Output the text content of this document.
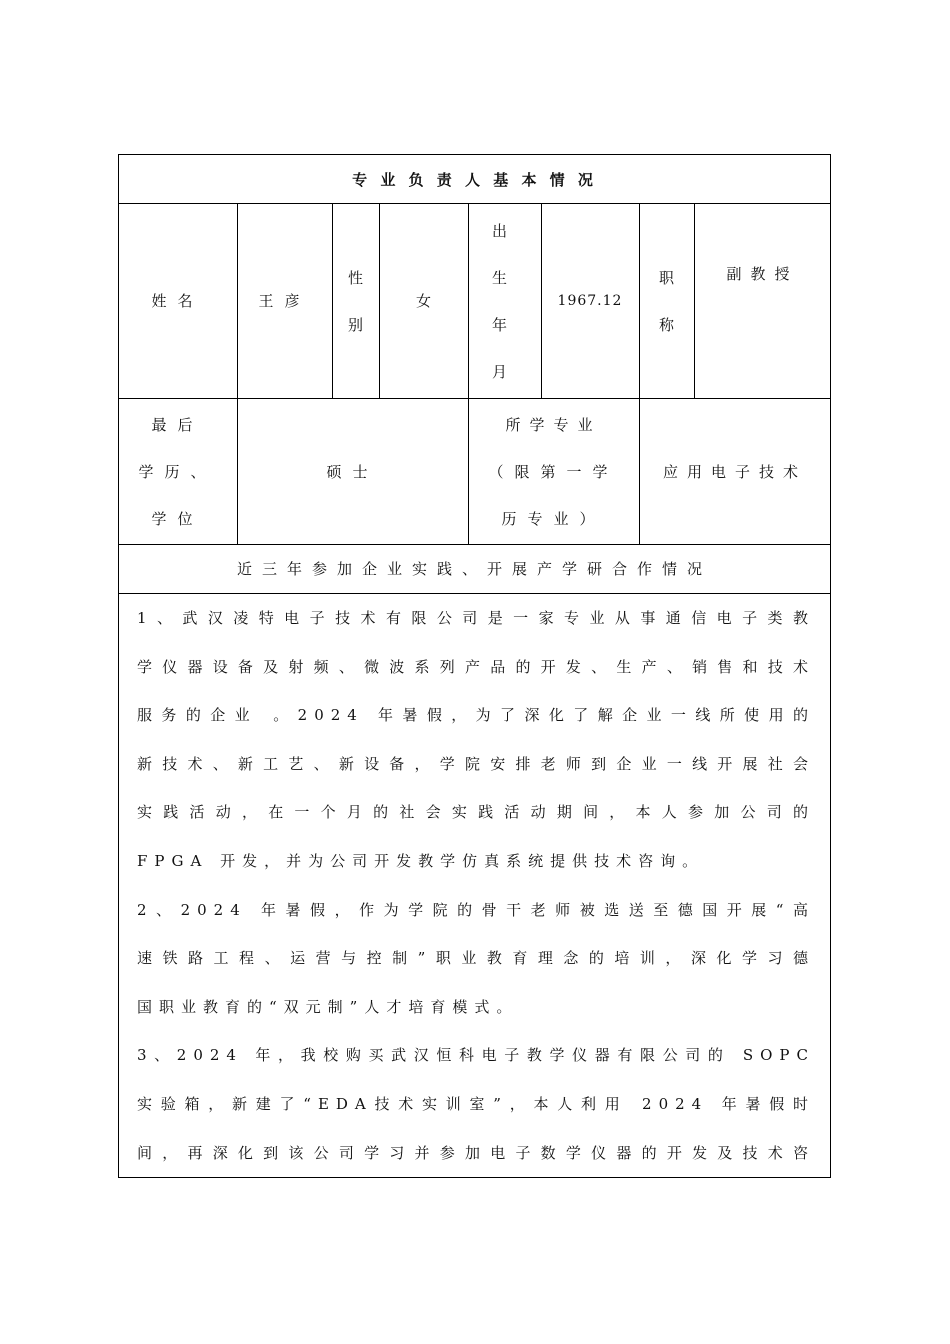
专 业 负 责 人 基 本 情 况
姓名	王彦
性
别
女
出
生
年
月
1967.12
职
称
副教授
最后
学历、
学位
硕士
所学专业
（限第一学
历专业）
应用电子技术
近三年参加企业实践、开展产学研合作情况
1、武汉凌特电子技术有限公司是一家专业从事通信电子类教
学仪器设备及射频、微波系列产品的开发、生产、销售和技术
服务的企业 。2024 年暑假，为了深化了解企业一线所使用的
新技术、新工艺、新设备，学院安排老师到企业一线开展社会
实践活动，在一个月的社会实践活动期间，本人参加公司的
FPGA 开发，并为公司开发教学仿真系统提供技术咨询。
2、2024 年暑假，作为学院的骨干老师被选送至德国开展“高
速铁路工程、运营与控制”职业教育理念的培训，深化学习德
国职业教育的“双元制”人才培育模式。
3、2024 年，我校购买武汉恒科电子教学仪器有限公司的 SOPC
实验箱，新建了“EDA技术实训室”，本人利用 2024 年暑假时
间，再深化到该公司学习并参加电子数学仪器的开发及技术咨
